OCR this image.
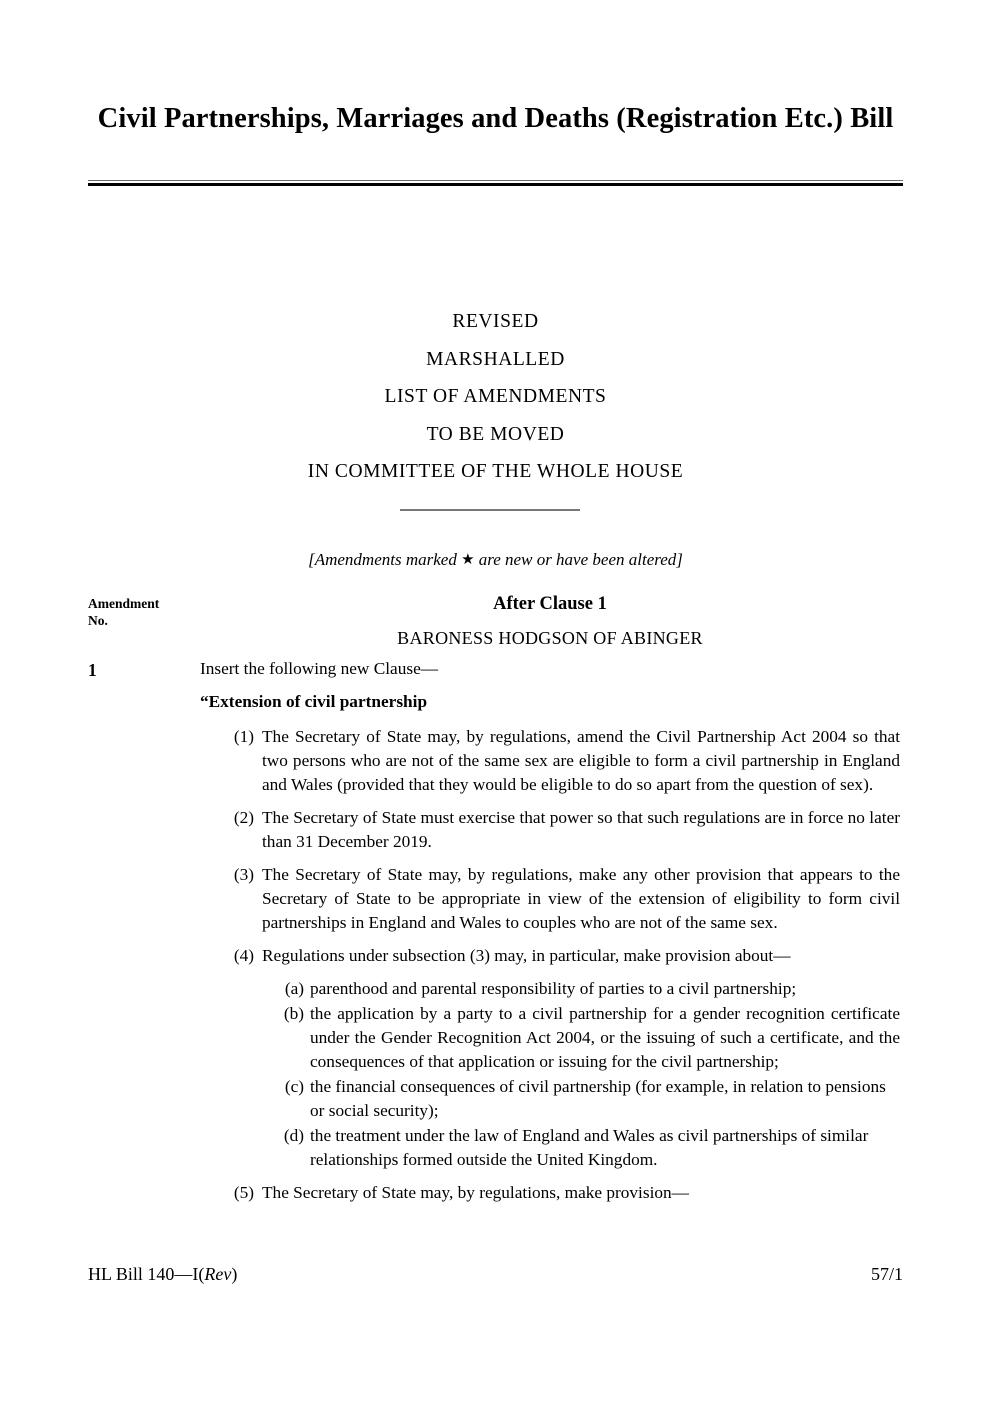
Civil Partnerships, Marriages and Deaths (Registration Etc.) Bill
REVISED
MARSHALLED
LIST OF AMENDMENTS
TO BE MOVED
IN COMMITTEE OF THE WHOLE HOUSE
[Amendments marked ★ are new or have been altered]
Amendment
No.
After Clause 1
BARONESS HODGSON OF ABINGER
1	Insert the following new Clause—

“Extension of civil partnership

(1) The Secretary of State may, by regulations, amend the Civil Partnership Act 2004 so that two persons who are not of the same sex are eligible to form a civil partnership in England and Wales (provided that they would be eligible to do so apart from the question of sex).
(2) The Secretary of State must exercise that power so that such regulations are in force no later than 31 December 2019.
(3) The Secretary of State may, by regulations, make any other provision that appears to the Secretary of State to be appropriate in view of the extension of eligibility to form civil partnerships in England and Wales to couples who are not of the same sex.
(4) Regulations under subsection (3) may, in particular, make provision about—
(a) parenthood and parental responsibility of parties to a civil partnership;
(b) the application by a party to a civil partnership for a gender recognition certificate under the Gender Recognition Act 2004, or the issuing of such a certificate, and the consequences of that application or issuing for the civil partnership;
(c) the financial consequences of civil partnership (for example, in relation to pensions or social security);
(d) the treatment under the law of England and Wales as civil partnerships of similar relationships formed outside the United Kingdom.
(5) The Secretary of State may, by regulations, make provision—
HL Bill 140—I(Rev)	57/1
